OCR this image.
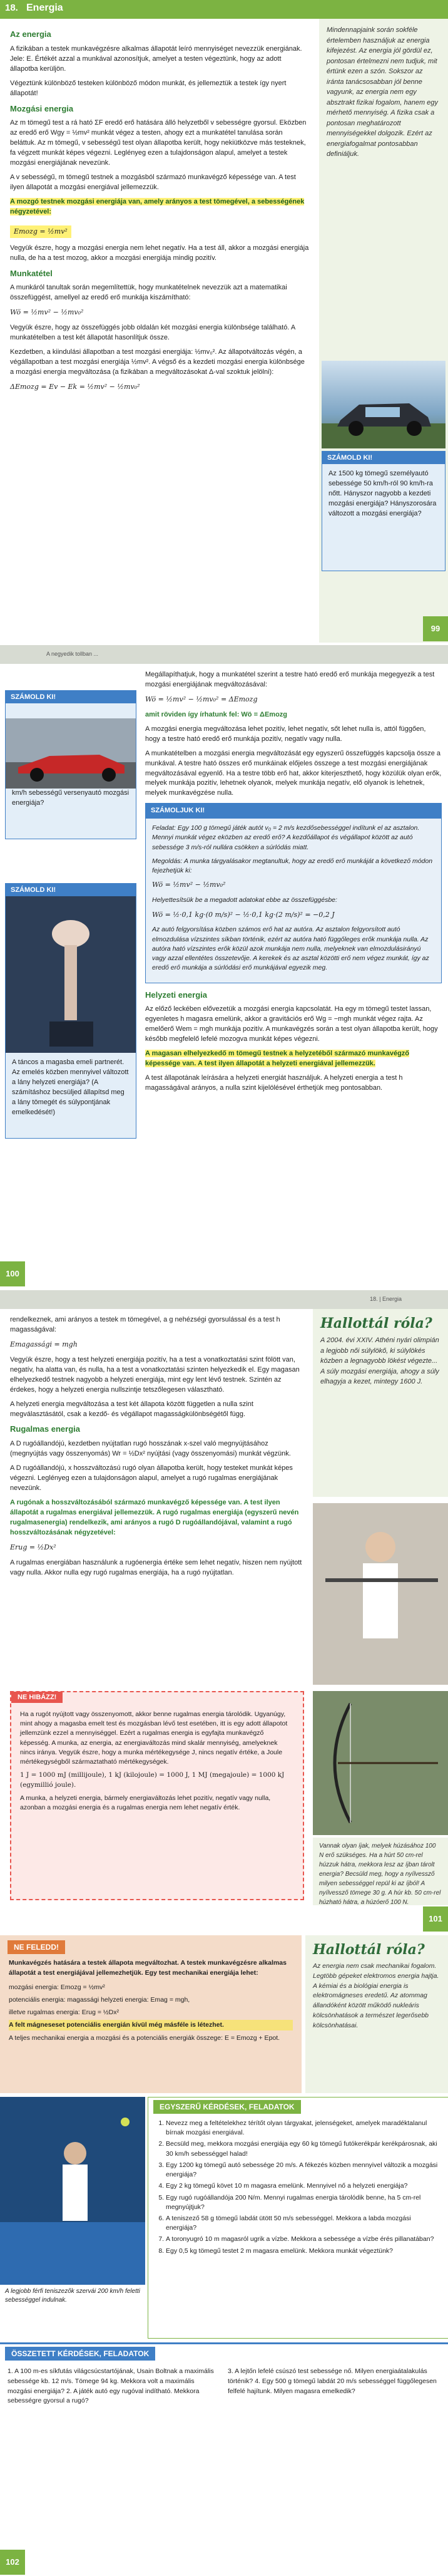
18. Energia
Az energia

A fizikában a testek munkavégzésre alkalmas állapotát leíró mennyiséget nevezzük energiának. Jele: E. Értékét azzal a munkával azonosítjuk, amelyet a testen végeztünk, hogy az adott állapotba kerüljön.

Végeztünk különböző testeken különböző módon munkát, és jellemeztük a testek így nyert állapotát!

Mozgási energia

Az m tömegű test a rá ható ΣF eredő erő hatására álló helyzetből v sebességre gyorsul. Eközben az eredő erő Wgy = ½mv² munkát végez a testen, ahogy ezt a munkatétel tanulása során beláttuk. Az m tömegű, v sebességű test olyan állapotba került, hogy nekiütközve más testeknek, fa végzett munkát képes végezni. Leglényeg ezen a tulajdonságon alapul, amelyet a testek mozgási energiájának nevezünk.

A v sebességű, m tömegű testnek a mozgásból származó munkavégző képessége van. A test ilyen állapotát a mozgási energiával jellemezzük.

A mozgó testnek mozgási energiája van, amely arányos a test tömegével, a sebességének négyzetével:

Emozg = ½mv²

Vegyük észre, hogy a mozgási energia nem lehet negatív. Ha a test áll, akkor a mozgási energiája nulla, de ha a test mozog, akkor a mozgási energiája mindig pozitív.

Munkatétel

A munkáról tanultak során megemlítettük, hogy munkatételnek nevezzük azt a matematikai összefüggést, amellyel az eredő erő munkája kiszámítható:

Wö = ½mv² − ½mv₀²

Vegyük észre, hogy az összefüggés jobb oldalán két mozgási energia különbsége található. A munkatételben a test két állapotát hasonlítjuk össze.

Kezdetben, a kiindulási állapotban a test mozgási energiája: ½mv₀². Az állapotváltozás végén, a végállapotban a test mozgási energiája ½mv². A végső és a kezdeti mozgási energia különbsége a mozgási energia megváltozása (a fizikában a megváltozásokat Δ-val szoktuk jelölni):

ΔEmozg = Ev − Ek = ½mv² − ½mv₀²
Mindennapjaink során sokféle értelemben használjuk az energia kifejezést. Az energia jól gördül ez, pontosan értelmezni nem tudjuk, mit értünk ezen a szón. Sokszor az iránta tanácsosabban jól benne vagyunk, az energia nem egy absztrakt fizikai fogalom, hanem egy mérhető mennyiség. A fizika csak a pontosan meghatározott mennyiségekkel dolgozik. Ezért az energiafogalmat pontosabban definiáljuk.
SZÁMOLD KI!
Az 1500 kg tömegű személyautó sebessége 50 km/h-ról 90 km/h-ra nőtt. Hányszor nagyobb a kezdeti mozgási energiája? Hányszorosára változott a mozgási energiája?
99
A negyedik tollban ...
SZÁMOLD KI!
km/h sebességű versenyautó mozgási energiája?
SZÁMOLD KI!
A táncos a magasba emeli partnerét. Az emelés közben mennyivel változott a lány helyzeti energiája? (A számításhoz becsüljed állapítsd meg a lány tömegét és súlypontjának emelkedését!)

Megállapíthatjuk, hogy a munkatétel szerint a testre ható eredő erő munkája megegyezik a test mozgási energiájának megváltozásával:

Wö = ½mv² − ½mv₀² = ΔEmozg

amit röviden így írhatunk fel: Wö = ΔEmozg

A mozgási energia megváltozása lehet pozitív, lehet negatív, sőt lehet nulla is, attól függően, hogy a testre ható eredő erő munkája pozitív, negatív vagy nulla.

A munkatételben a mozgási energia megváltozását egy egyszerű összefüggés kapcsolja össze a munkával. A testre ható összes erő munkáinak előjeles összege a test mozgási energiájának megváltozásával egyenlő. Ha a testre több erő hat, akkor kiterjeszthető, hogy közülük olyan erők, melyek munkája pozitív, lehetnek olyanok, melyek munkája negatív, elő olyanok is lehetnek, melyek munkavégzése nulla.

SZÁMOLJUK KI!

Feladat: Egy 100 g tömegű játék autót v₀ = 2 m/s kezdősebességgel indítunk el az asztalon. Mennyi munkát végez eközben az eredő erő? A kezdőállapot és végállapot között az autó sebessége 3 m/s-ról nullára csökken a súrlódás miatt.

Megoldás: A munka tárgyalásakor megtanultuk, hogy az eredő erő munkáját a következő módon fejezhetjük ki:

Wö = ½mv² − ½mv₀²

Helyettesítsük be a megadott adatokat ebbe az összefüggésbe:

Wö = ½·0,1 kg·(0 m/s)² − ½·0,1 kg·(2 m/s)² = −0,2 J

Az autó felgyorsítása közben számos erő hat az autóra. Az asztalon felgyorsított autó elmozdulása vízszintes síkban történik, ezért az autóra ható függőleges erők munkája nulla. Az autóra ható vízszintes erők közül azok munkája nem nulla, melyeknek van elmozdulásirányú vagy azzal ellentétes összetevője. A kerekek és az asztal közötti erő nem végez munkát, így az eredő erő munkája a súrlódási erő munkájával egyezik meg.

Helyzeti energia

Az előző leckében elővezetük a mozgási energia kapcsolatát. Ha egy m tömegű testet lassan, egyenletes h magasra emelünk, akkor a gravitációs erő Wg = −mgh munkát végez rajta. Az emelőerő Wem = mgh munkája pozitív. A munkavégzés során a test olyan állapotba került, hogy később megfelelő lefelé mozogva munkát képes végezni.

A magasan elhelyezkedő m tömegű testnek a helyzetéből származó munkavégző képessége van. A test ilyen állapotát a helyzeti energiával jellemezzük.

A test állapotának leírására a helyzeti energiát használjuk. A helyzeti energia a test h magasságával arányos, a nulla szint kijelölésével érthetjük meg pontosabban.

100
18. | Energia

rendelkeznek, ami arányos a testek m tömegével, a g nehézségi gyorsulással és a test h magasságával:

Emagassági = mgh

Vegyük észre, hogy a test helyzeti energiája pozitív, ha a test a vonatkoztatási szint fölött van, negatív, ha alatta van, és nulla, ha a test a vonatkoztatási szinten helyezkedik el. Egy magasan elhelyezkedő testnek nagyobb a helyzeti energiája, mint egy lent lévő testnek. Szintén az érdekes, hogy a helyzeti energia nullszintje tetszőlegesen választható.

A helyzeti energia megváltozása a test két állapota között független a nulla szint megválasztásától, csak a kezdő- és végállapot magasságkülönbségétől függ.

Rugalmas energia

A D rugóállandójú, kezdetben nyújtatlan rugó hosszának x-szel való megnyújtásához (megnyújtás vagy összenyomás) Wr = ½Dx² nyújtási (vagy összenyomási) munkát végzünk.

A D rugóállandójú, x hosszváltozású rugó olyan állapotba került, hogy testeket munkát képes végezni. Leglényeg ezen a tulajdonságon alapul, amelyet a rugó rugalmas energiájának nevezünk.

A rugónak a hosszváltozásából származó munkavégző képessége van. A test ilyen állapotát a rugalmas energiával jellemezzük. A rugó rugalmas energiája (egyszerű nevén rugalmasenergia) rendelkezik, ami arányos a rugó D rugóállandójával, valamint a rugó hosszváltozásának négyzetével:

Erug = ½Dx²

A rugalmas energiában használunk a rugóenergia értéke sem lehet negatív, hiszen nem nyújtott vagy nulla. Akkor nulla egy rugó rugalmas energiája, ha a rugó nyújtatlan.

NE HIBÁZZ!

Ha a rugót nyújtott vagy összenyomott, akkor benne rugalmas energia tárolódik. Ugyanúgy, mint ahogy a magasba emelt test és mozgásban lévő test esetében, itt is egy adott állapotot jellemzünk ezzel a mennyiséggel. Ezért a rugalmas energia is egyfajta munkavégző képesség. A munka, az energia, az energiaváltozás mind skalár mennyiség, amelyeknek nincs iránya. Vegyük észre, hogy a munka mértékegysége J, nincs negatív értéke, a Joule mértékegységből származtatható mértékegységek.

1 J = 1000 mJ (millijoule), 1 kJ (kilojoule) = 1000 J, 1 MJ (megajoule) = 1000 kJ (egymillió joule).

A munka, a helyzeti energia, bármely energiaváltozás lehet pozitív, negatív vagy nulla, azonban a mozgási energia és a rugalmas energia nem lehet negatív érték.

Hallottál róla?
A 2004. évi XXIV. Athéni nyári olimpián a legjobb női súlylökő, ki súlylökés közben a legnagyobb lökést végezte... A súly mozgási energiája, ahogy a súly elhagyja a kezet, mintegy 1600 J.
Vannak olyan íjak, melyek húzásához 100 N erő szükséges. Ha a húrt 50 cm-rel húzzuk hátra, mekkora lesz az íjban tárolt energia? Becsüld meg, hogy a nyílvessző milyen sebességgel repül ki az íjból! A nyílvessző tömege 30 g. A húr kb. 50 cm-rel húzható hátra, a húzóerő 100 N.
101
NE FELEDD!

Munkavégzés hatására a testek állapota megváltozhat. A testek munkavégzésre alkalmas állapotát a test energiájával jellemezhetjük. Egy test mechanikai energiája lehet:

mozgási energia: Emozg = ½mv²

potenciális energia: magassági helyzeti energia: Emag = mgh,

illetve rugalmas energia: Erug = ½Dx²

A felt mágneseset potenciális energián kívül még másféle is létezhet.

A teljes mechanikai energia a mozgási és a potenciális energiák összege: E = Emozg + Epot.

Hallottál róla?
Az energia nem csak mechanikai fogalom. Legtöbb gépeket elektromos energia hajtja. A kémiai és a biológiai energia is elektromágneses eredetű. Az atommag állandóként között működő nukleáris kölcsönhatások a természet legerősebb kölcsönhatásai.
A legjobb férfi teniszezők szervái 200 km/h feletti sebességgel indulnak.
EGYSZERŰ KÉRDÉSEK, FELADATOK
1. Nevezz meg a feltételekhez térítőt olyan tárgyakat, jelenségeket, amelyek maradéktalanul bírnak mozgási energiával.
2. Becsüld meg, mekkora mozgási energiája egy 60 kg tömegű futókerékpár kerékpárosnak, aki 30 km/h sebességgel halad!
3. Egy 1200 kg tömegű autó sebessége 20 m/s. A fékezés közben mennyivel változik a mozgási energiája?
4. Egy 2 kg tömegű követ 10 m magasra emelünk. Mennyivel nő a helyzeti energiája?
5. Egy rugó rugóállandója 200 N/m. Mennyi rugalmas energia tárolódik benne, ha 5 cm-rel megnyújtjuk?
6. A teniszező 58 g tömegű labdát ütött 50 m/s sebességgel. Mekkora a labda mozgási energiája?
7. A toronyugró 10 m magasról ugrik a vízbe. Mekkora a sebessége a vízbe érés pillanatában?
8. Egy 0,5 kg tömegű testet 2 m magasra emelünk. Mekkora munkát végeztünk?
ÖSSZETETT KÉRDÉSEK, FELADATOK
1. A 100 m-es síkfutás világcsúcstartójának, Usain Boltnak a maximális sebessége kb. 12 m/s. Tömege 94 kg. Mekkora volt a maximális mozgási energiája? 2. A játék autó egy rugóval indítható. Mekkora sebességre gyorsul a rugó?
3. A lejtőn lefelé csúszó test sebessége nő. Milyen energiaátalakulás történik? 4. Egy 500 g tömegű labdát 20 m/s sebességgel függőlegesen felfelé hajítunk. Milyen magasra emelkedik?
102
